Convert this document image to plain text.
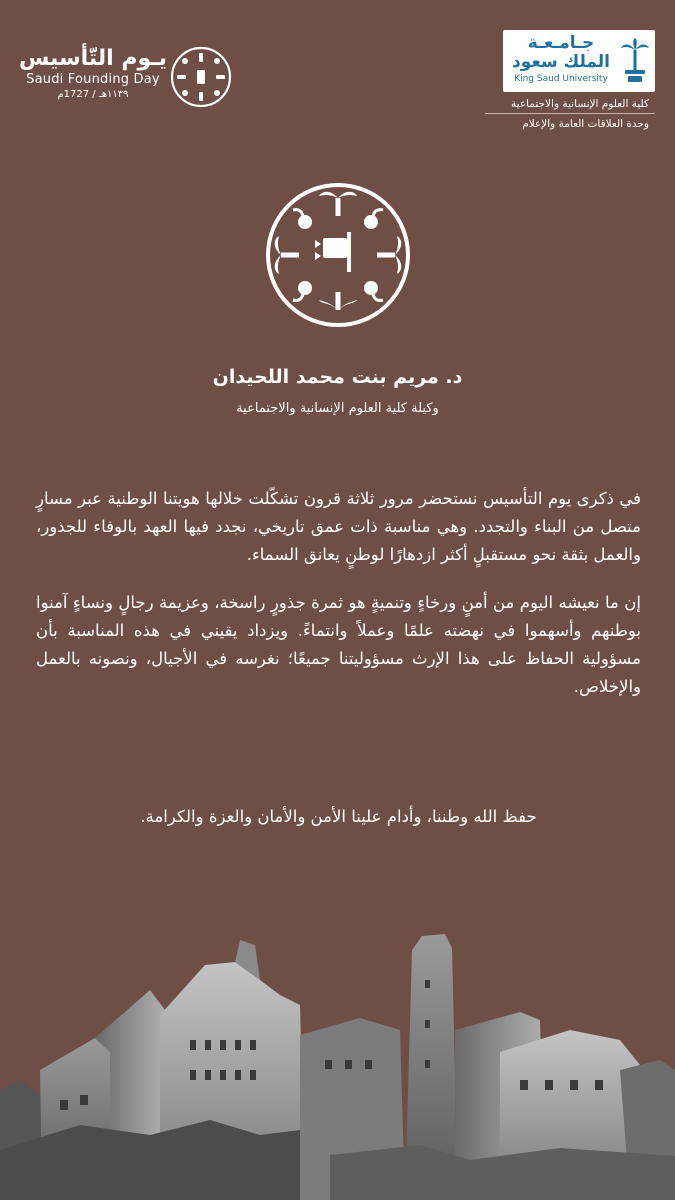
يـوم التّأسيس
Saudi Founding Day
١١٣٩هـ / 1727م
جـامـعـة الملك سعود
King Saud University
كلية العلوم الإنسانية والاجتماعية
وحدة العلاقات العامة والإعلام
د. مريم بنت محمد اللحيدان
وكيلة كلية العلوم الإنسانية والاجتماعية

في ذكرى يوم التأسيس نستحضر مرور ثلاثة قرون تشكّلت خلالها هويتنا الوطنية عبر مسارٍ متصل من البناء والتجدد. وهي مناسبة ذات عمق تاريخي، نجدد فيها العهد بالوفاء للجذور، والعمل بثقة نحو مستقبلٍ أكثر ازدهارًا لوطنٍ يعانق السماء.

إن ما نعيشه اليوم من أمنٍ ورخاءٍ وتنميةٍ هو ثمرة جذورٍ راسخة، وعزيمة رجالٍ ونساءٍ آمنوا بوطنهم وأسهموا في نهضته علمًا وعملاً وانتماءً. ويزداد يقيني في هذه المناسبة بأن مسؤولية الحفاظ على هذا الإرث مسؤوليتنا جميعًا؛ نغرسه في الأجيال، ونصونه بالعمل والإخلاص.

حفظ الله وطننا، وأدام علينا الأمن والأمان والعزة والكرامة.
